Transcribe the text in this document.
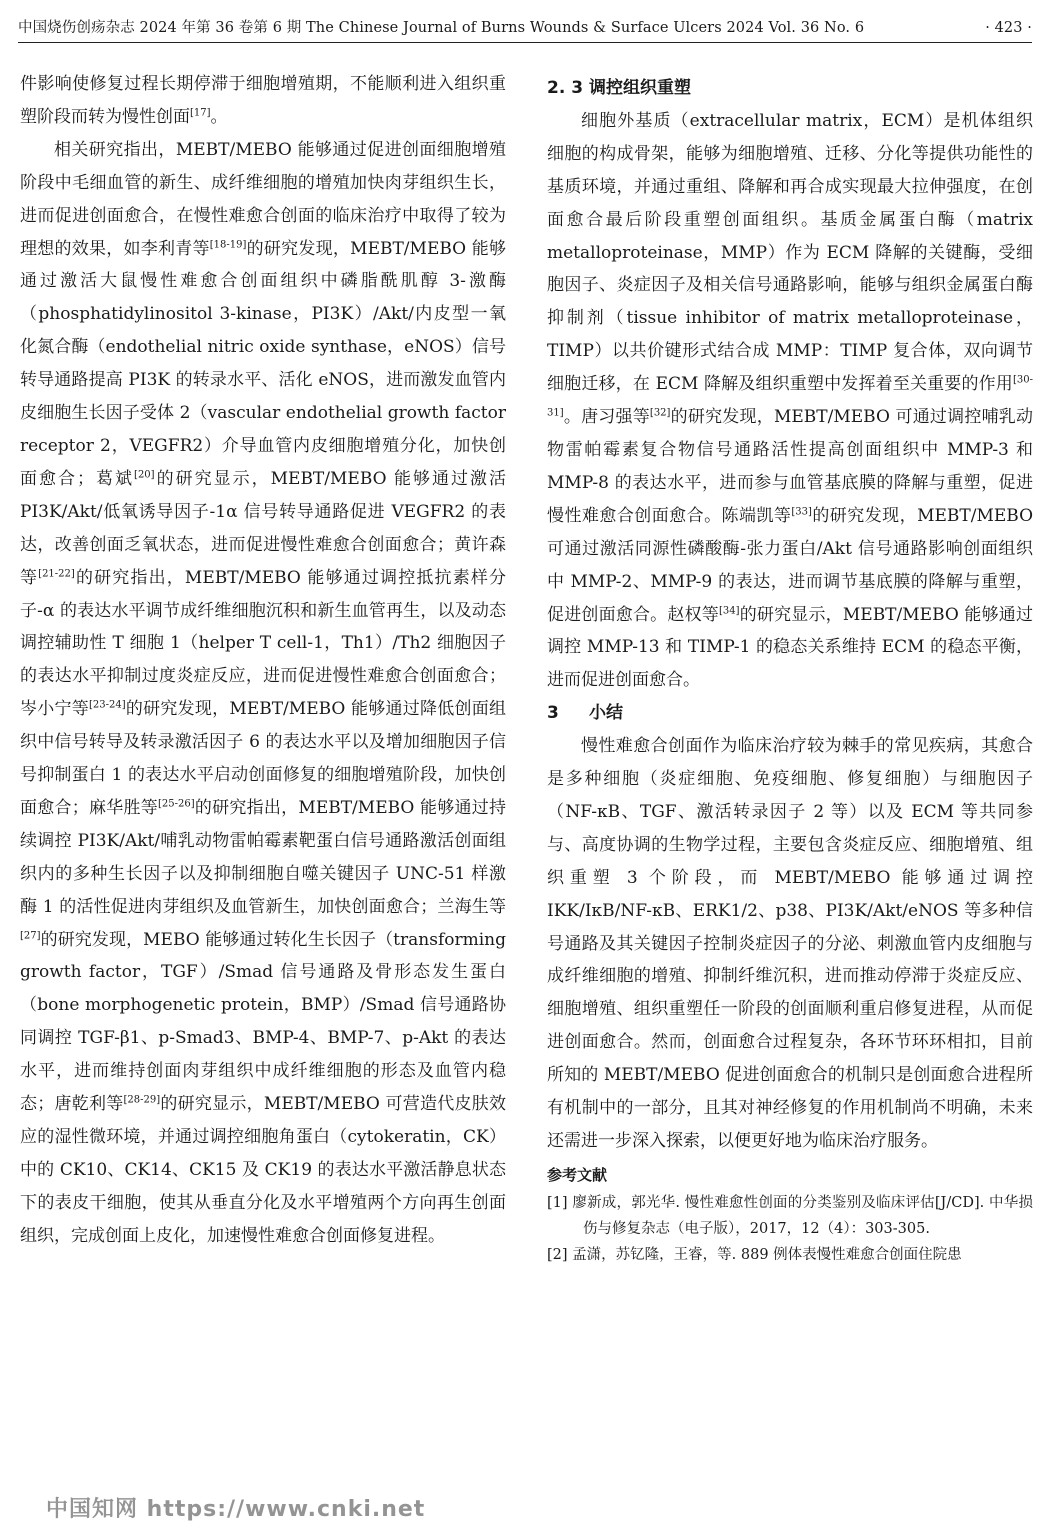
中国烧伤创疡杂志 2024 年第 36 卷第 6 期 The Chinese Journal of Burns Wounds & Surface Ulcers 2024 Vol. 36 No. 6	· 423 ·

件影响使修复过程长期停滞于细胞增殖期，不能顺利进入组织重塑阶段而转为慢性创面[17]。

相关研究指出，MEBT/MEBO 能够通过促进创面细胞增殖阶段中毛细血管的新生、成纤维细胞的增殖加快肉芽组织生长，进而促进创面愈合，在慢性难愈合创面的临床治疗中取得了较为理想的效果，如李利青等[18-19]的研究发现，MEBT/MEBO 能够通过激活大鼠慢性难愈合创面组织中磷脂酰肌醇 3-激酶（phosphatidylinositol 3-kinase，PI3K）/Akt/内皮型一氧化氮合酶（endothelial nitric oxide synthase，eNOS）信号转导通路提高 PI3K 的转录水平、活化 eNOS，进而激发血管内皮细胞生长因子受体 2（vascular endothelial growth factor receptor 2，VEGFR2）介导血管内皮细胞增殖分化，加快创面愈合；葛斌[20]的研究显示，MEBT/MEBO 能够通过激活 PI3K/Akt/低氧诱导因子-1α 信号转导通路促进 VEGFR2 的表达，改善创面乏氧状态，进而促进慢性难愈合创面愈合；黄许森等[21-22]的研究指出，MEBT/MEBO 能够通过调控抵抗素样分子-α 的表达水平调节成纤维细胞沉积和新生血管再生，以及动态调控辅助性 T 细胞 1（helper T cell-1，Th1）/Th2 细胞因子的表达水平抑制过度炎症反应，进而促进慢性难愈合创面愈合；岑小宁等[23-24]的研究发现，MEBT/MEBO 能够通过降低创面组织中信号转导及转录激活因子 6 的表达水平以及增加细胞因子信号抑制蛋白 1 的表达水平启动创面修复的细胞增殖阶段，加快创面愈合；麻华胜等[25-26]的研究指出，MEBT/MEBO 能够通过持续调控 PI3K/Akt/哺乳动物雷帕霉素靶蛋白信号通路激活创面组织内的多种生长因子以及抑制细胞自噬关键因子 UNC-51 样激酶 1 的活性促进肉芽组织及血管新生，加快创面愈合；兰海生等[27]的研究发现，MEBO 能够通过转化生长因子（transforming growth factor，TGF）/Smad 信号通路及骨形态发生蛋白（bone morphogenetic protein，BMP）/Smad 信号通路协同调控 TGF-β1、p-Smad3、BMP-4、BMP-7、p-Akt 的表达水平，进而维持创面肉芽组织中成纤维细胞的形态及血管内稳态；唐乾利等[28-29]的研究显示，MEBT/MEBO 可营造代皮肤效应的湿性微环境，并通过调控细胞角蛋白（cytokeratin，CK）中的 CK10、CK14、CK15 及 CK19 的表达水平激活静息状态下的表皮干细胞，使其从垂直分化及水平增殖两个方向再生创面组织，完成创面上皮化，加速慢性难愈合创面修复进程。

2. 3 调控组织重塑

细胞外基质（extracellular matrix，ECM）是机体组织细胞的构成骨架，能够为细胞增殖、迁移、分化等提供功能性的基质环境，并通过重组、降解和再合成实现最大拉伸强度，在创面愈合最后阶段重塑创面组织。基质金属蛋白酶（matrix metalloproteinase，MMP）作为 ECM 降解的关键酶，受细胞因子、炎症因子及相关信号通路影响，能够与组织金属蛋白酶抑制剂（tissue inhibitor of matrix metalloproteinase，TIMP）以共价键形式结合成 MMP：TIMP 复合体，双向调节细胞迁移，在 ECM 降解及组织重塑中发挥着至关重要的作用[30-31]。唐习强等[32]的研究发现，MEBT/MEBO 可通过调控哺乳动物雷帕霉素复合物信号通路活性提高创面组织中 MMP-3 和 MMP-8 的表达水平，进而参与血管基底膜的降解与重塑，促进慢性难愈合创面愈合。陈端凯等[33]的研究发现，MEBT/MEBO 可通过激活同源性磷酸酶-张力蛋白/Akt 信号通路影响创面组织中 MMP-2、MMP-9 的表达，进而调节基底膜的降解与重塑，促进创面愈合。赵权等[34]的研究显示，MEBT/MEBO 能够通过调控 MMP-13 和 TIMP-1 的稳态关系维持 ECM 的稳态平衡，进而促进创面愈合。

3 小结

慢性难愈合创面作为临床治疗较为棘手的常见疾病，其愈合是多种细胞（炎症细胞、免疫细胞、修复细胞）与细胞因子（NF-κB、TGF、激活转录因子 2 等）以及 ECM 等共同参与、高度协调的生物学过程，主要包含炎症反应、细胞增殖、组织重塑 3 个阶段，而 MEBT/MEBO 能够通过调控 IKK/IκB/NF-κB、ERK1/2、p38、PI3K/Akt/eNOS 等多种信号通路及其关键因子控制炎症因子的分泌、刺激血管内皮细胞与成纤维细胞的增殖、抑制纤维沉积，进而推动停滞于炎症反应、细胞增殖、组织重塑任一阶段的创面顺利重启修复进程，从而促进创面愈合。然而，创面愈合过程复杂，各环节环环相扣，目前所知的 MEBT/MEBO 促进创面愈合的机制只是创面愈合进程所有机制中的一部分，且其对神经修复的作用机制尚不明确，未来还需进一步深入探索，以便更好地为临床治疗服务。

参考文献

[1] 廖新成，郭光华. 慢性难愈性创面的分类鉴别及临床评估[J/CD]. 中华损伤与修复杂志（电子版），2017，12（4）：303-305.

[2] 孟潇，苏钇隆，王睿，等. 889 例体表慢性难愈合创面住院患

中国知网 https://www.cnki.net
